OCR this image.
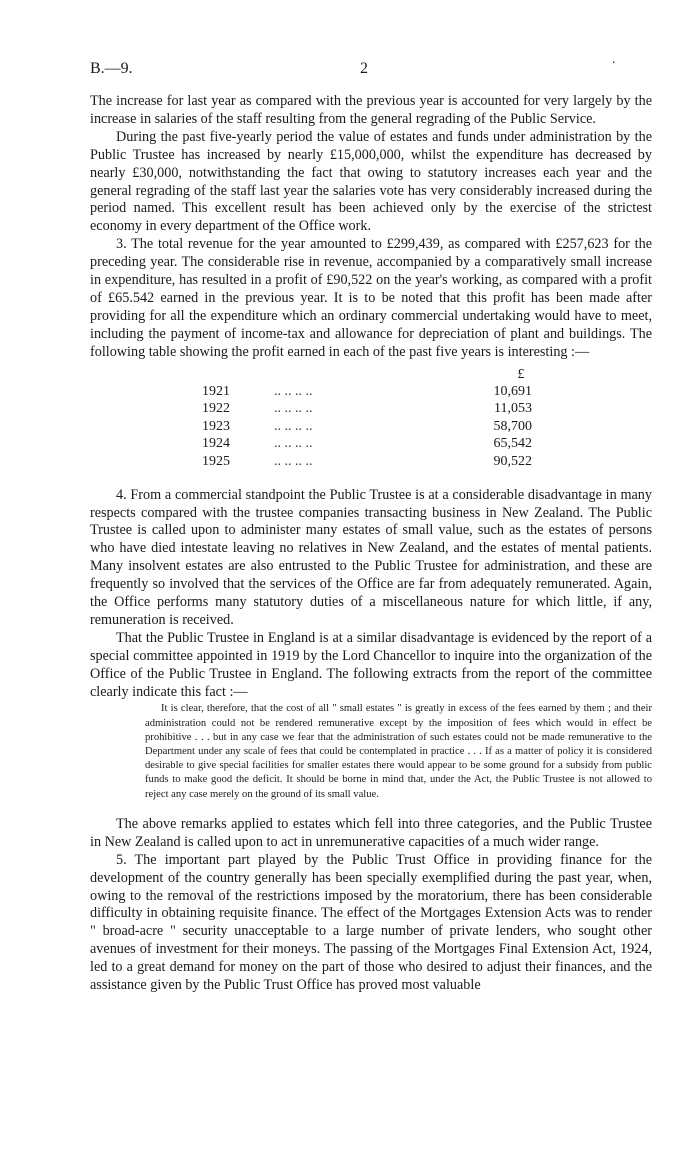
B.—9.	2	·

The increase for last year as compared with the previous year is accounted for very largely by the increase in salaries of the staff resulting from the general regrading of the Public Service.

During the past five-yearly period the value of estates and funds under administration by the Public Trustee has increased by nearly £15,000,000, whilst the expenditure has decreased by nearly £30,000, notwithstanding the fact that owing to statutory increases each year and the general regrading of the staff last year the salaries vote has very considerably increased during the period named. This excellent result has been achieved only by the exercise of the strictest economy in every department of the Office work.

3. The total revenue for the year amounted to £299,439, as compared with £257,623 for the preceding year. The considerable rise in revenue, accompanied by a comparatively small increase in expenditure, has resulted in a profit of £90,522 on the year's working, as compared with a profit of £65.542 earned in the previous year. It is to be noted that this profit has been made after providing for all the expenditure which an ordinary commercial undertaking would have to meet, including the payment of income-tax and allowance for depreciation of plant and buildings. The following table showing the profit earned in each of the past five years is interesting :—

£
1921	.. .. .. ..	10,691
1922	.. .. .. ..	11,053
1923	.. .. .. ..	58,700
1924	.. .. .. ..	65,542
1925	.. .. .. ..	90,522

4. From a commercial standpoint the Public Trustee is at a considerable disadvantage in many respects compared with the trustee companies transacting business in New Zealand. The Public Trustee is called upon to administer many estates of small value, such as the estates of persons who have died intestate leaving no relatives in New Zealand, and the estates of mental patients. Many insolvent estates are also entrusted to the Public Trustee for administration, and these are frequently so involved that the services of the Office are far from adequately remunerated. Again, the Office performs many statutory duties of a miscellaneous nature for which little, if any, remuneration is received.

That the Public Trustee in England is at a similar disadvantage is evidenced by the report of a special committee appointed in 1919 by the Lord Chancellor to inquire into the organization of the Office of the Public Trustee in England. The following extracts from the report of the committee clearly indicate this fact :—

It is clear, therefore, that the cost of all " small estates " is greatly in excess of the fees earned by them ; and their administration could not be rendered remunerative except by the imposition of fees which would in effect be prohibitive . . . but in any case we fear that the administration of such estates could not be made remunerative to the Department under any scale of fees that could be contemplated in practice . . . If as a matter of policy it is considered desirable to give special facilities for smaller estates there would appear to be some ground for a subsidy from public funds to make good the deficit. It should be borne in mind that, under the Act, the Public Trustee is not allowed to reject any case merely on the ground of its small value.

The above remarks applied to estates which fell into three categories, and the Public Trustee in New Zealand is called upon to act in unremunerative capacities of a much wider range.

5. The important part played by the Public Trust Office in providing finance for the development of the country generally has been specially exemplified during the past year, when, owing to the removal of the restrictions imposed by the moratorium, there has been considerable difficulty in obtaining requisite finance. The effect of the Mortgages Extension Acts was to render " broad-acre " security unacceptable to a large number of private lenders, who sought other avenues of investment for their moneys. The passing of the Mortgages Final Extension Act, 1924, led to a great demand for money on the part of those who desired to adjust their finances, and the assistance given by the Public Trust Office has proved most valuable
